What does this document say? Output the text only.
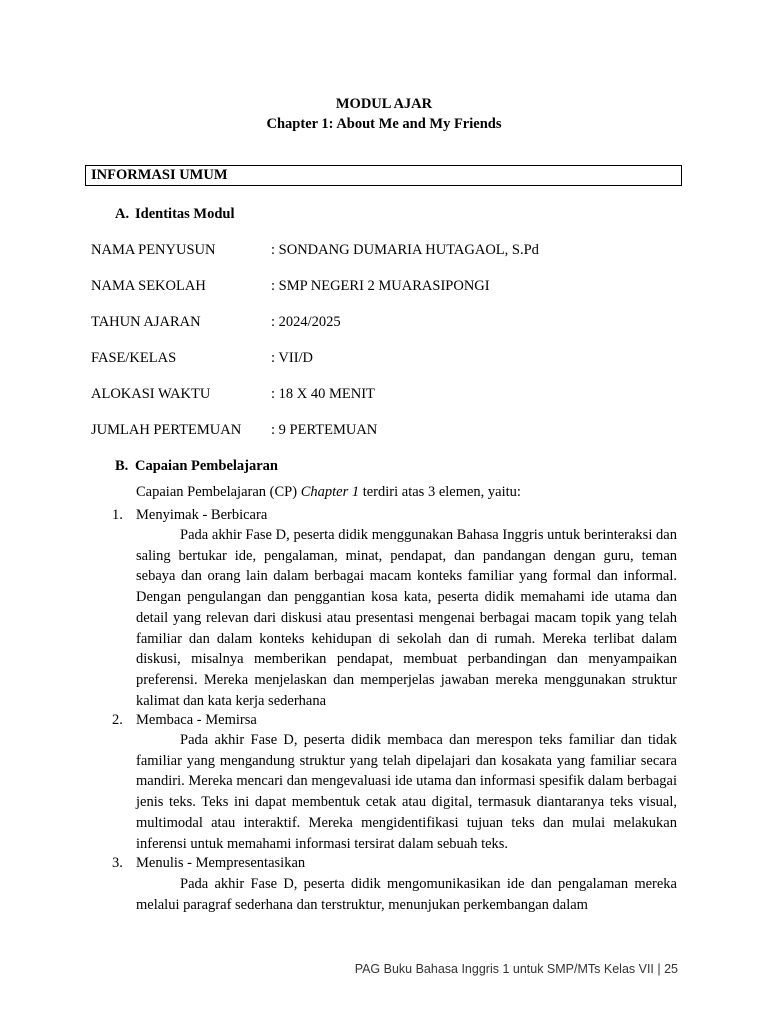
MODUL AJAR
Chapter 1: About Me and My Friends
INFORMASI UMUM
A. Identitas Modul
NAMA PENYUSUN	: SONDANG DUMARIA HUTAGAOL, S.Pd
NAMA SEKOLAH	: SMP NEGERI 2 MUARASIPONGI
TAHUN AJARAN	: 2024/2025
FASE/KELAS	: VII/D
ALOKASI WAKTU	: 18 X 40 MENIT
JUMLAH PERTEMUAN : 9 PERTEMUAN
B. Capaian Pembelajaran
Capaian Pembelajaran (CP) Chapter 1 terdiri atas 3 elemen, yaitu:
1. Menyimak - Berbicara
Pada akhir Fase D, peserta didik menggunakan Bahasa Inggris untuk berinteraksi dan saling bertukar ide, pengalaman, minat, pendapat, dan pandangan dengan guru, teman sebaya dan orang lain dalam berbagai macam konteks familiar yang formal dan informal. Dengan pengulangan dan penggantian kosa kata, peserta didik memahami ide utama dan detail yang relevan dari diskusi atau presentasi mengenai berbagai macam topik yang telah familiar dan dalam konteks kehidupan di sekolah dan di rumah. Mereka terlibat dalam diskusi, misalnya memberikan pendapat, membuat perbandingan dan menyampaikan preferensi. Mereka menjelaskan dan memperjelas jawaban mereka menggunakan struktur kalimat dan kata kerja sederhana
2. Membaca - Memirsa
Pada akhir Fase D, peserta didik membaca dan merespon teks familiar dan tidak familiar yang mengandung struktur yang telah dipelajari dan kosakata yang familiar secara mandiri. Mereka mencari dan mengevaluasi ide utama dan informasi spesifik dalam berbagai jenis teks. Teks ini dapat membentuk cetak atau digital, termasuk diantaranya teks visual, multimodal atau interaktif. Mereka mengidentifikasi tujuan teks dan mulai melakukan inferensi untuk memahami informasi tersirat dalam sebuah teks.
3. Menulis - Mempresentasikan
Pada akhir Fase D, peserta didik mengomunikasikan ide dan pengalaman mereka melalui paragraf sederhana dan terstruktur, menunjukan perkembangan dalam
PAG Buku Bahasa Inggris 1 untuk SMP/MTs Kelas VII | 25
